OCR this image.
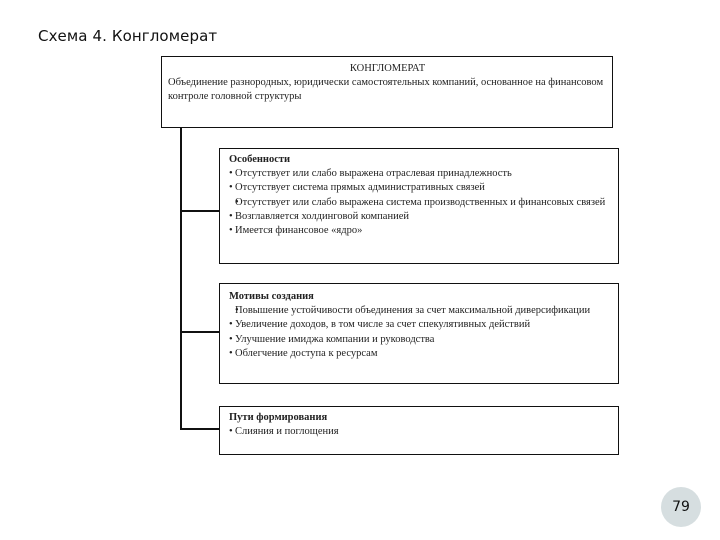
Схема 4. Конгломерат
КОНГЛОМЕРАТ
Объединение разнородных, юридически самостоятельных компаний, основанное на финансовом контроле головной структуры
Особенности
• Отсутствует или слабо выражена отраслевая принадлежность
• Отсутствует система прямых административных связей
• Отсутствует или слабо выражена система производственных и финансовых связей
• Возглавляется холдинговой компанией
• Имеется финансовое «ядро»
Мотивы создания
• Повышение устойчивости объединения за счет максимальной диверсификации
• Увеличение доходов, в том числе за счет спекулятивных действий
• Улучшение имиджа компании и руководства
• Облегчение доступа к ресурсам
Пути формирования
• Слияния и поглощения
79
